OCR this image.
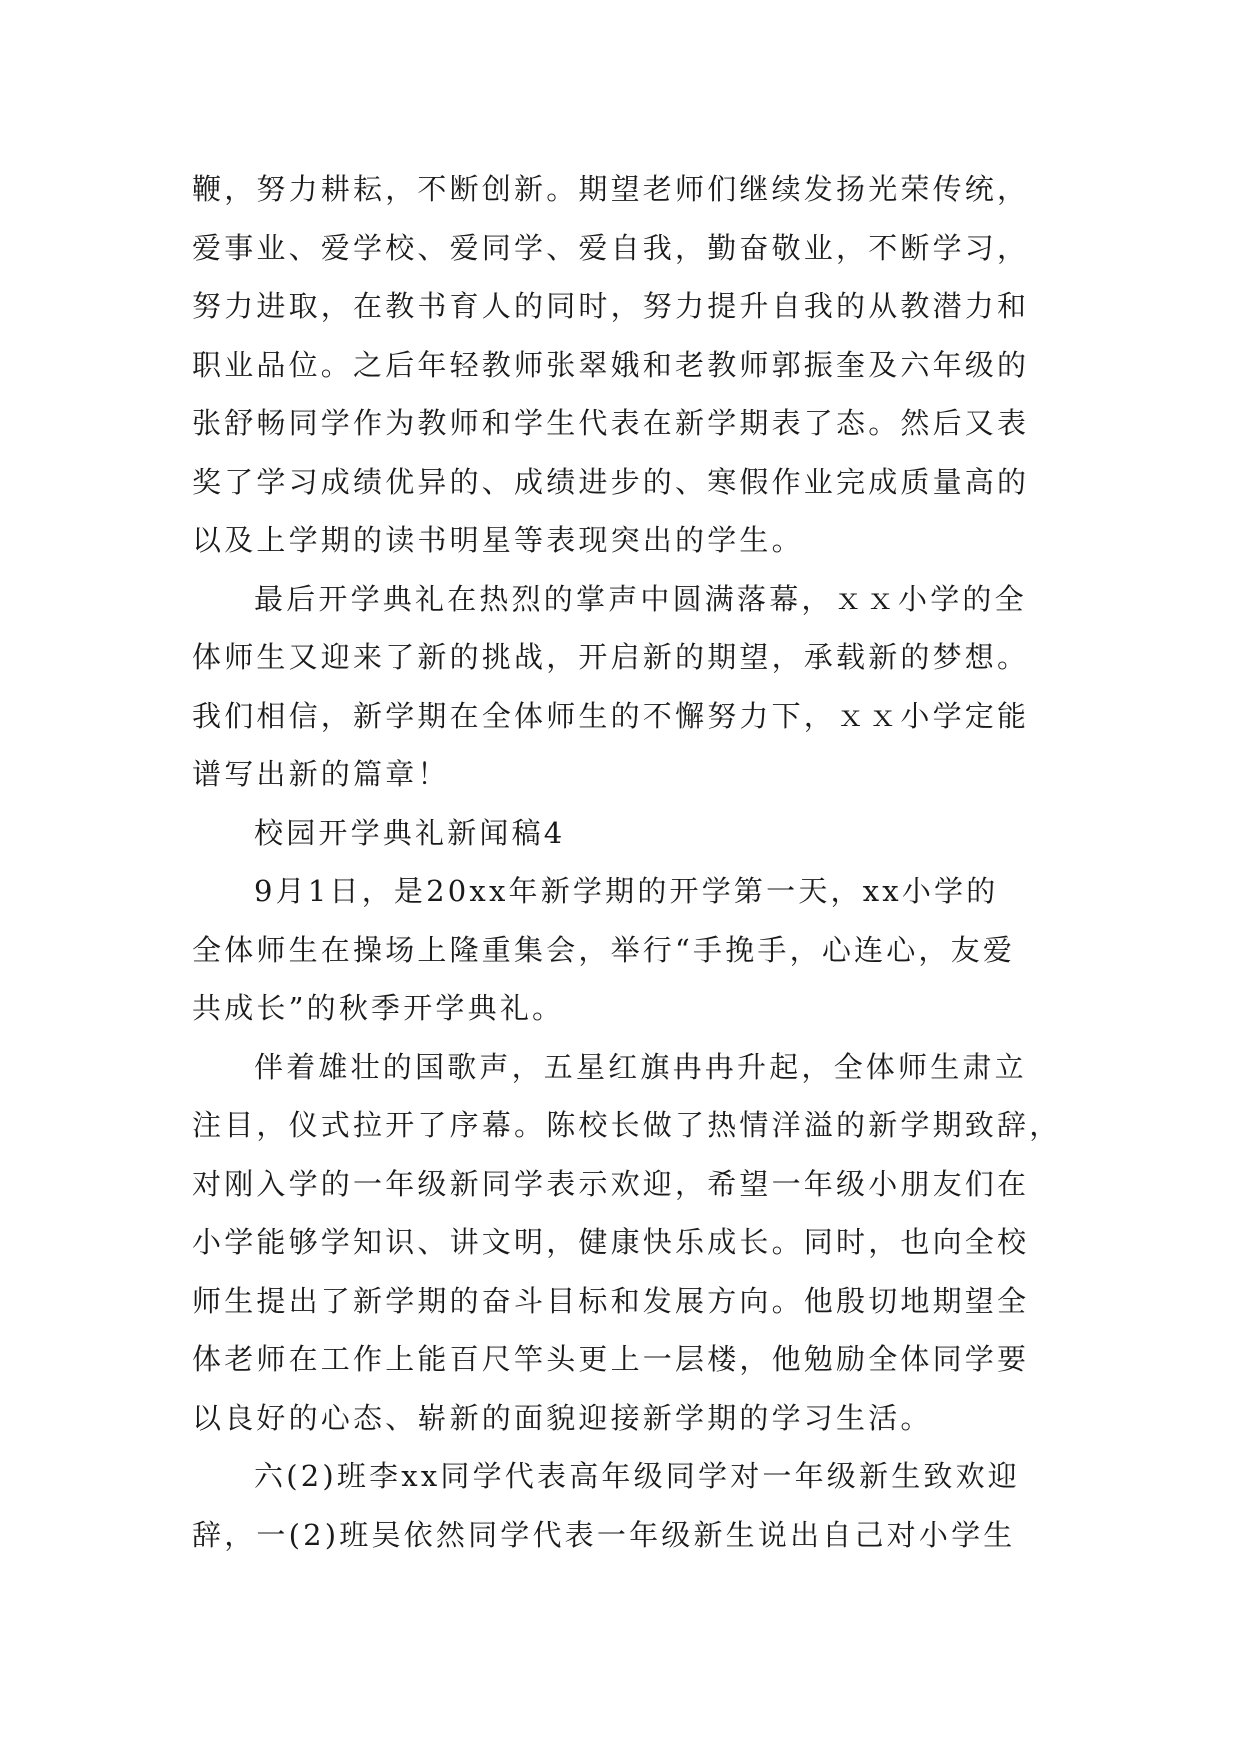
鞭，努力耕耘，不断创新。期望老师们继续发扬光荣传统，
爱事业、爱学校、爱同学、爱自我，勤奋敬业，不断学习，
努力进取，在教书育人的同时，努力提升自我的从教潜力和
职业品位。之后年轻教师张翠娥和老教师郭振奎及六年级的
张舒畅同学作为教师和学生代表在新学期表了态。然后又表
奖了学习成绩优异的、成绩进步的、寒假作业完成质量高的
以及上学期的读书明星等表现突出的学生。

最后开学典礼在热烈的掌声中圆满落幕，ｘｘ小学的全
体师生又迎来了新的挑战，开启新的期望，承载新的梦想。
我们相信，新学期在全体师生的不懈努力下，ｘｘ小学定能
谱写出新的篇章！

校园开学典礼新闻稿4

9月1日，是20xx年新学期的开学第一天，xx小学的
全体师生在操场上隆重集会，举行“手挽手，心连心，友爱
共成长”的秋季开学典礼。

伴着雄壮的国歌声，五星红旗冉冉升起，全体师生肃立
注目，仪式拉开了序幕。陈校长做了热情洋溢的新学期致辞，
对刚入学的一年级新同学表示欢迎，希望一年级小朋友们在
小学能够学知识、讲文明，健康快乐成长。同时，也向全校
师生提出了新学期的奋斗目标和发展方向。他殷切地期望全
体老师在工作上能百尺竿头更上一层楼，他勉励全体同学要
以良好的心态、崭新的面貌迎接新学期的学习生活。

六(2)班李xx同学代表高年级同学对一年级新生致欢迎
辞，一(2)班吴依然同学代表一年级新生说出自己对小学生
